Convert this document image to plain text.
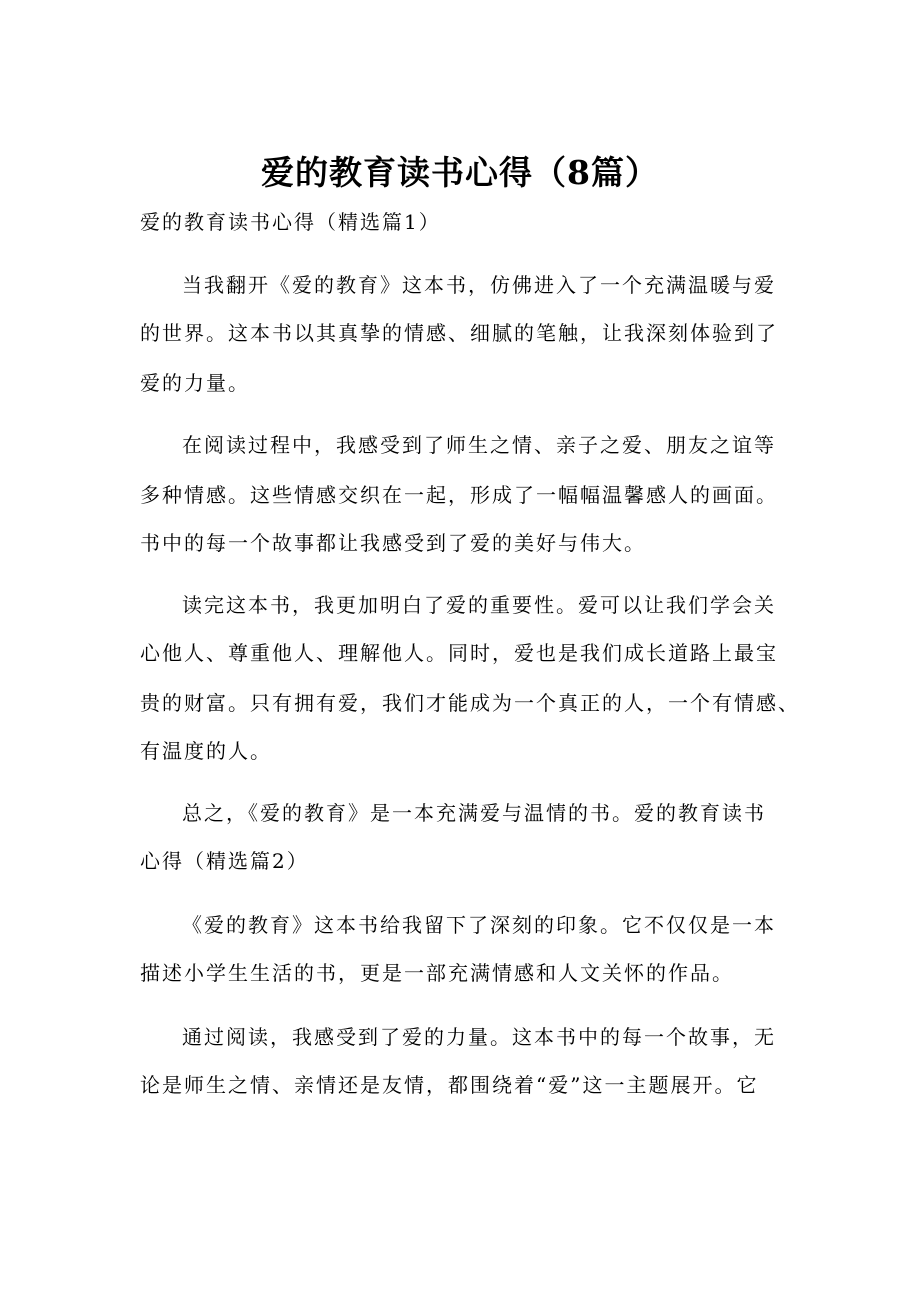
爱的教育读书心得（8篇）
爱的教育读书心得（精选篇1）
当我翻开《爱的教育》这本书，仿佛进入了一个充满温暖与爱
的世界。这本书以其真挚的情感、细腻的笔触，让我深刻体验到了
爱的力量。
在阅读过程中，我感受到了师生之情、亲子之爱、朋友之谊等
多种情感。这些情感交织在一起，形成了一幅幅温馨感人的画面。
书中的每一个故事都让我感受到了爱的美好与伟大。
读完这本书，我更加明白了爱的重要性。爱可以让我们学会关
心他人、尊重他人、理解他人。同时，爱也是我们成长道路上最宝
贵的财富。只有拥有爱，我们才能成为一个真正的人，一个有情感、
有温度的人。
总之，《爱的教育》是一本充满爱与温情的书。爱的教育读书
心得（精选篇2）
《爱的教育》这本书给我留下了深刻的印象。它不仅仅是一本
描述小学生生活的书，更是一部充满情感和人文关怀的作品。
通过阅读，我感受到了爱的力量。这本书中的每一个故事，无
论是师生之情、亲情还是友情，都围绕着“爱”这一主题展开。它
